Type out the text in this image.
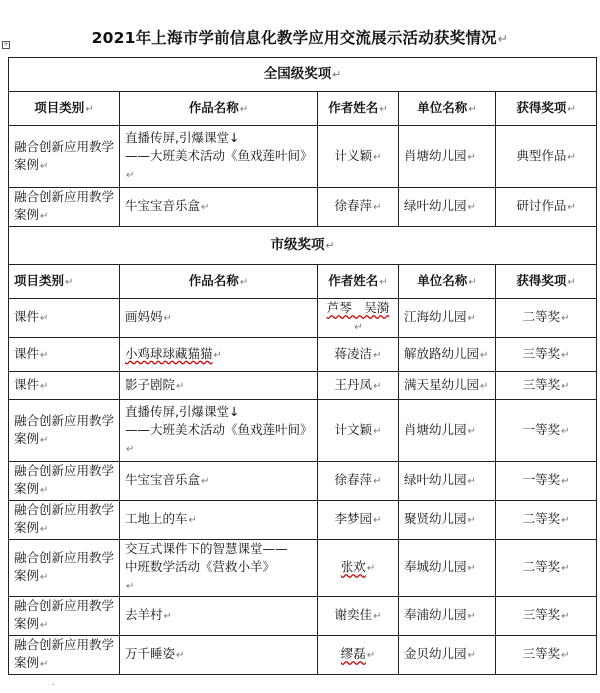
2021年上海市学前信息化教学应用交流展示活动获奖情况↵
+
全国级奖项↵				
项目类别↵	作品名称↵	作者姓名↵	单位名称↵	获得奖项↵
融合创新应用教学案例↵	直播传屏,引爆课堂↓
——大班美术活动《鱼戏莲叶间》
↵	计义颖↵	肖塘幼儿园↵	典型作品↵
融合创新应用教学案例↵	牛宝宝音乐盒↵	徐春萍↵	绿叶幼儿园↵	研讨作品↵
市级奖项↵				
项目类别↵	作品名称↵	作者姓名↵	单位名称↵	获得奖项↵
课件↵	画妈妈↵	芦琴　吴漪↵	江海幼儿园↵	二等奖↵
课件↵	小鸡球球藏猫猫↵	蒋凌洁↵	解放路幼儿园↵	三等奖↵
课件↵	影子剧院↵	王丹凤↵	满天星幼儿园↵	三等奖↵
融合创新应用教学案例↵	直播传屏,引爆课堂↓
——大班美术活动《鱼戏莲叶间》
↵	计文颖↵	肖塘幼儿园↵	一等奖↵
融合创新应用教学案例↵	牛宝宝音乐盒↵	徐春萍↵	绿叶幼儿园↵	一等奖↵
融合创新应用教学案例↵	工地上的车↵	李梦园↵	聚贤幼儿园↵	二等奖↵
融合创新应用教学案例↵	交互式课件下的智慧课堂——
中班数学活动《营救小羊》
↵	张欢↵	奉城幼儿园↵	二等奖↵
融合创新应用教学案例↵	去羊村↵	谢奕佳↵	奉浦幼儿园↵	三等奖↵
融合创新应用教学案例↵	万千睡姿↵	缪磊↵	金贝幼儿园↵	三等奖↵
ᐧ
